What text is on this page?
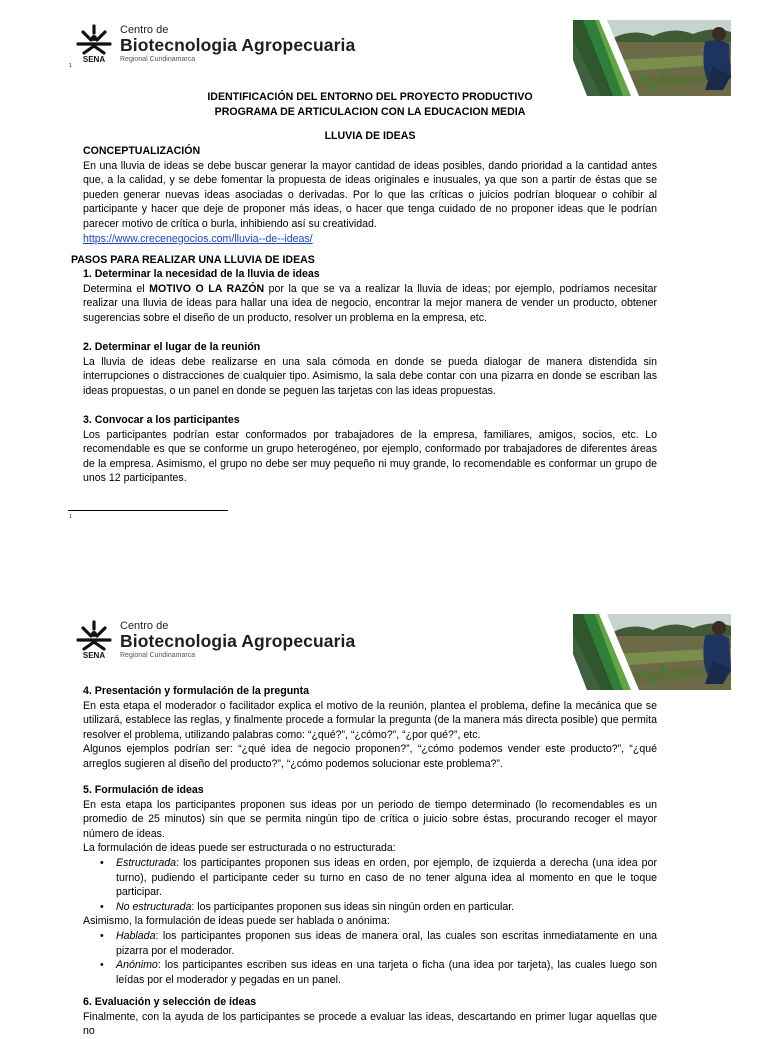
SENA
Centro de
Biotecnologia Agropecuaria
Regional Cundinamarca
1

IDENTIFICACIÓN DEL ENTORNO DEL PROYECTO PRODUCTIVO

PROGRAMA DE ARTICULACION CON LA EDUCACION MEDIA

LLUVIA DE IDEAS

CONCEPTUALIZACIÓN

En una lluvia de ideas se debe buscar generar la mayor cantidad de ideas posibles, dando prioridad a la cantidad antes que, a la calidad, y se debe fomentar la propuesta de ideas originales e inusuales, ya que son a partir de éstas que se pueden generar nuevas ideas asociadas o derivadas. Por lo que las críticas o juicios podrían bloquear o cohibir al participante y hacer que deje de proponer más ideas, o hacer que tenga cuidado de no proponer ideas que le podrían parecer motivo de crítica o burla, inhibiendo así su creatividad.

https://www.crecenegocios.com/lluvia--de--ideas/

PASOS PARA REALIZAR UNA LLUVIA DE IDEAS

1. Determinar la necesidad de la lluvia de ideas

Determina el MOTIVO O LA RAZÓN por la que se va a realizar la lluvia de ideas; por ejemplo, podríamos necesitar realizar una lluvia de ideas para hallar una idea de negocio, encontrar la mejor manera de vender un producto, obtener sugerencias sobre el diseño de un producto, resolver un problema en la empresa, etc.

2. Determinar el lugar de la reunión

La lluvia de ideas debe realizarse en una sala cómoda en donde se pueda dialogar de manera distendida sin interrupciones o distracciones de cualquier tipo. Asimismo, la sala debe contar con una pizarra en donde se escriban las ideas propuestas, o un panel en donde se peguen las tarjetas con las ideas propuestas.

3. Convocar a los participantes

Los participantes podrían estar conformados por trabajadores de la empresa, familiares, amigos, socios, etc. Lo recomendable es que se conforme un grupo heterogéneo, por ejemplo, conformado por trabajadores de diferentes áreas de la empresa. Asimismo, el grupo no debe ser muy pequeño ni muy grande, lo recomendable es conformar un grupo de unos 12 participantes.

1
SENA
Centro de
Biotecnologia Agropecuaria
Regional Cundinamarca

4. Presentación y formulación de la pregunta

En esta etapa el moderador o facilitador explica el motivo de la reunión, plantea el problema, define la mecánica que se utilizará, establece las reglas, y finalmente procede a formular la pregunta (de la manera más directa posible) que permita resolver el problema, utilizando palabras como: “¿qué?”, “¿cómo?”, “¿por qué?”, etc.

Algunos ejemplos podrían ser: “¿qué idea de negocio proponen?”, “¿cómo podemos vender este producto?”, “¿qué arreglos sugieren al diseño del producto?”, “¿cómo podemos solucionar este problema?”.

5. Formulación de ideas

En esta etapa los participantes proponen sus ideas por un periodo de tiempo determinado (lo recomendables es un promedio de 25 minutos) sin que se permita ningún tipo de crítica o juicio sobre éstas, procurando recoger el mayor número de ideas.

La formulación de ideas puede ser estructurada o no estructurada:

• Estructurada: los participantes proponen sus ideas en orden, por ejemplo, de izquierda a derecha (una idea por turno), pudiendo el participante ceder su turno en caso de no tener alguna idea al momento en que le toque participar.
• No estructurada: los participantes proponen sus ideas sin ningún orden en particular.

Asimismo, la formulación de ideas puede ser hablada o anónima:

• Hablada: los participantes proponen sus ideas de manera oral, las cuales son escritas inmediatamente en una pizarra por el moderador.
• Anónimo: los participantes escriben sus ideas en una tarjeta o ficha (una idea por tarjeta), las cuales luego son leídas por el moderador y pegadas en un panel.

6. Evaluación y selección de ideas

Finalmente, con la ayuda de los participantes se procede a evaluar las ideas, descartando en primer lugar aquellas que no
